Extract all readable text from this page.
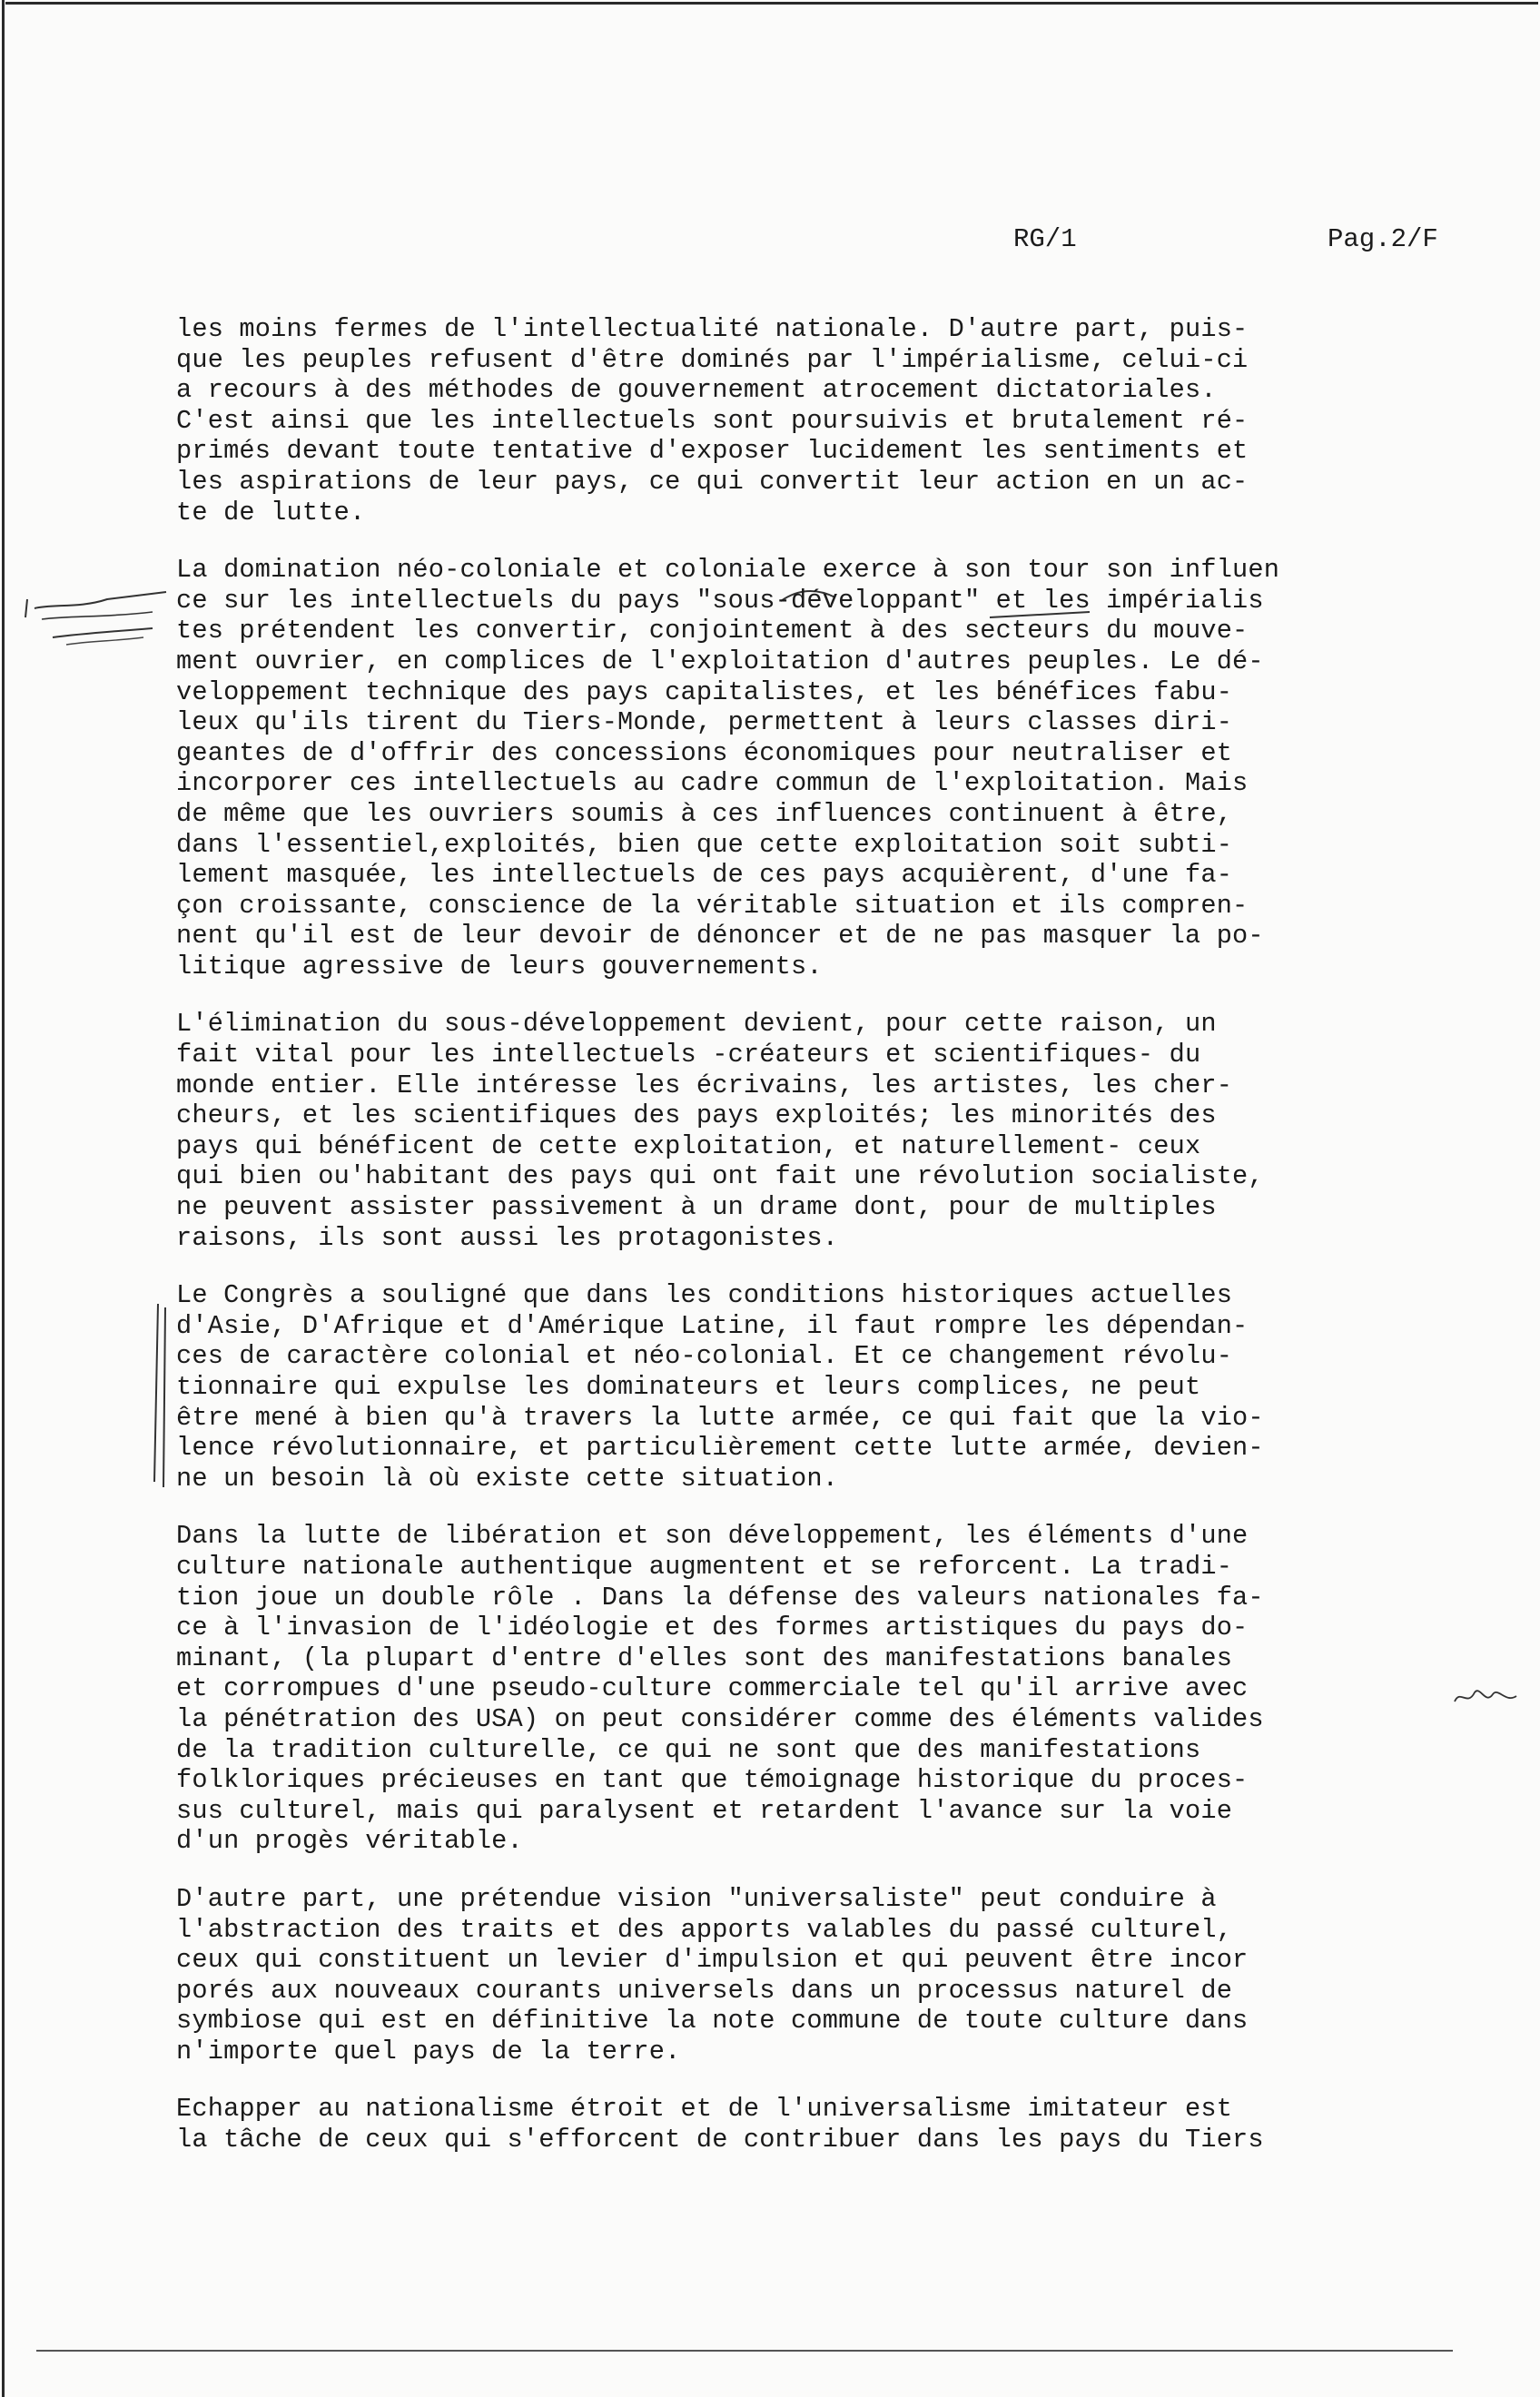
RG/1	Pag.2/F
les moins fermes de l'intellectualité nationale. D'autre part, puis-
que les peuples refusent d'être dominés par l'impérialisme, celui-ci
a recours à des méthodes de gouvernement atrocement dictatoriales.
C'est ainsi que les intellectuels sont poursuivis et brutalement ré-
primés devant toute tentative d'exposer lucidement les sentiments et
les aspirations de leur pays, ce qui convertit leur action en un ac-
te de lutte.
La domination néo-coloniale et coloniale exerce à son tour son influen
ce sur les intellectuels du pays "sous-développant" et les impérialis
tes prétendent les convertir, conjointement à des secteurs du mouve-
ment ouvrier, en complices de l'exploitation d'autres peuples. Le dé-
veloppement technique des pays capitalistes, et les bénéfices fabu-
leux qu'ils tirent du Tiers-Monde, permettent à leurs classes diri-
geantes de d'offrir des concessions économiques pour neutraliser et
incorporer ces intellectuels au cadre commun de l'exploitation. Mais
de même que les ouvriers soumis à ces influences continuent à être,
dans l'essentiel,exploités, bien que cette exploitation soit subti-
lement masquée, les intellectuels de ces pays acquièrent, d'une fa-
çon croissante, conscience de la véritable situation et ils compren-
nent qu'il est de leur devoir de dénoncer et de ne pas masquer la po-
litique agressive de leurs gouvernements.
L'élimination du sous-développement devient, pour cette raison, un
fait vital pour les intellectuels -créateurs et scientifiques- du
monde entier. Elle intéresse les écrivains, les artistes, les cher-
cheurs, et les scientifiques des pays exploités; les minorités des
pays qui bénéficent de cette exploitation, et naturellement- ceux
qui bien ou'habitant des pays qui ont fait une révolution socialiste,
ne peuvent assister passivement à un drame dont, pour de multiples
raisons, ils sont aussi les protagonistes.
Le Congrès a souligné que dans les conditions historiques actuelles
d'Asie, D'Afrique et d'Amérique Latine, il faut rompre les dépendan-
ces de caractère colonial et néo-colonial. Et ce changement révolu-
tionnaire qui expulse les dominateurs et leurs complices, ne peut
être mené à bien qu'à travers la lutte armée, ce qui fait que la vio-
lence révolutionnaire, et particulièrement cette lutte armée, devien-
ne un besoin là où existe cette situation.
Dans la lutte de libération et son développement, les éléments d'une
culture nationale authentique augmentent et se reforcent. La tradi-
tion joue un double rôle . Dans la défense des valeurs nationales fa-
ce à l'invasion de l'idéologie et des formes artistiques du pays do-
minant, (la plupart d'entre d'elles sont des manifestations banales
et corrompues d'une pseudo-culture commerciale tel qu'il arrive avec
la pénétration des USA) on peut considérer comme des éléments valides
de la tradition culturelle, ce qui ne sont que des manifestations
folkloriques précieuses en tant que témoignage historique du proces-
sus culturel, mais qui paralysent et retardent l'avance sur la voie
d'un progès véritable.
D'autre part, une prétendue vision "universaliste" peut conduire à
l'abstraction des traits et des apports valables du passé culturel,
ceux qui constituent un levier d'impulsion et qui peuvent être incor
porés aux nouveaux courants universels dans un processus naturel de
symbiose qui est en définitive la note commune de toute culture dans
n'importe quel pays de la terre.
Echapper au nationalisme étroit et de l'universalisme imitateur est
la tâche de ceux qui s'efforcent de contribuer dans les pays du Tiers
